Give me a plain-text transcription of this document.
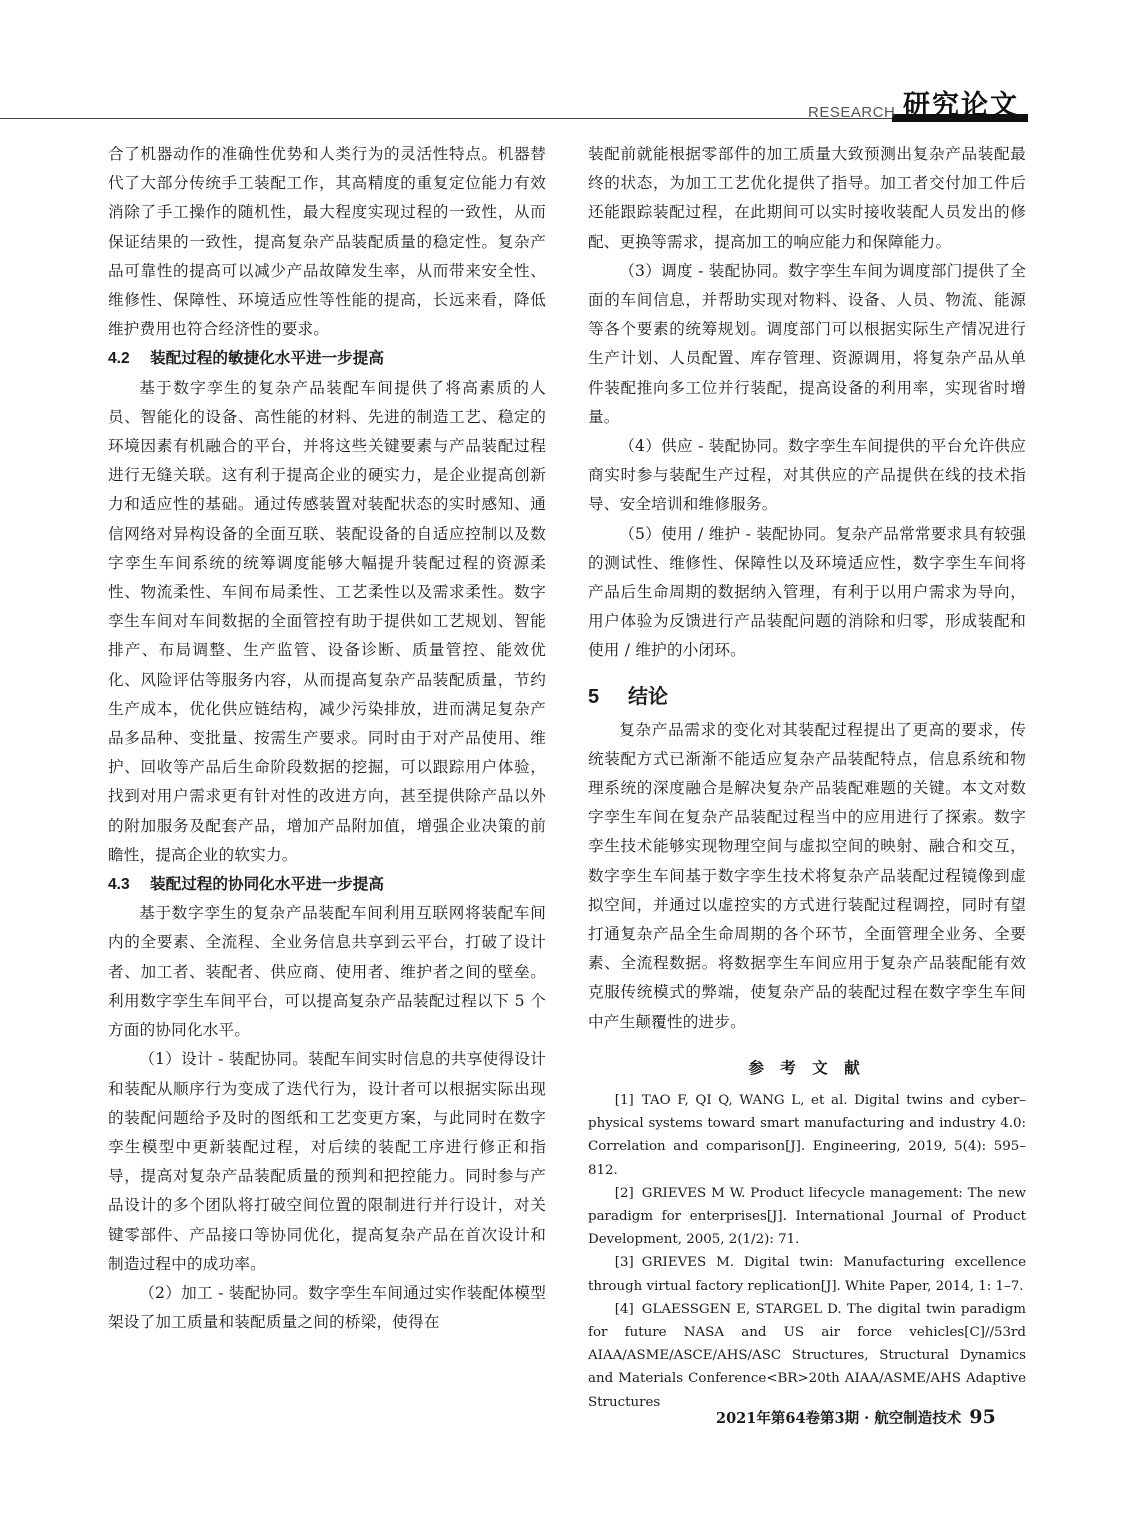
RESEARCH 研究论文

合了机器动作的准确性优势和人类行为的灵活性特点。机器替代了大部分传统手工装配工作，其高精度的重复定位能力有效消除了手工操作的随机性，最大程度实现过程的一致性，从而保证结果的一致性，提高复杂产品装配质量的稳定性。复杂产品可靠性的提高可以减少产品故障发生率，从而带来安全性、维修性、保障性、环境适应性等性能的提高，长远来看，降低维护费用也符合经济性的要求。

4.2 装配过程的敏捷化水平进一步提高

基于数字孪生的复杂产品装配车间提供了将高素质的人员、智能化的设备、高性能的材料、先进的制造工艺、稳定的环境因素有机融合的平台，并将这些关键要素与产品装配过程进行无缝关联。这有利于提高企业的硬实力，是企业提高创新力和适应性的基础。通过传感装置对装配状态的实时感知、通信网络对异构设备的全面互联、装配设备的自适应控制以及数字孪生车间系统的统筹调度能够大幅提升装配过程的资源柔性、物流柔性、车间布局柔性、工艺柔性以及需求柔性。数字孪生车间对车间数据的全面管控有助于提供如工艺规划、智能排产、布局调整、生产监管、设备诊断、质量管控、能效优化、风险评估等服务内容，从而提高复杂产品装配质量，节约生产成本，优化供应链结构，减少污染排放，进而满足复杂产品多品种、变批量、按需生产要求。同时由于对产品使用、维护、回收等产品后生命阶段数据的挖掘，可以跟踪用户体验，找到对用户需求更有针对性的改进方向，甚至提供除产品以外的附加服务及配套产品，增加产品附加值，增强企业决策的前瞻性，提高企业的软实力。

4.3 装配过程的协同化水平进一步提高

基于数字孪生的复杂产品装配车间利用互联网将装配车间内的全要素、全流程、全业务信息共享到云平台，打破了设计者、加工者、装配者、供应商、使用者、维护者之间的壁垒。利用数字孪生车间平台，可以提高复杂产品装配过程以下 5 个方面的协同化水平。

（1）设计 - 装配协同。装配车间实时信息的共享使得设计和装配从顺序行为变成了迭代行为，设计者可以根据实际出现的装配问题给予及时的图纸和工艺变更方案，与此同时在数字孪生模型中更新装配过程，对后续的装配工序进行修正和指导，提高对复杂产品装配质量的预判和把控能力。同时参与产品设计的多个团队将打破空间位置的限制进行并行设计，对关键零部件、产品接口等协同优化，提高复杂产品在首次设计和制造过程中的成功率。

（2）加工 - 装配协同。数字孪生车间通过实作装配体模型架设了加工质量和装配质量之间的桥梁，使得在

装配前就能根据零部件的加工质量大致预测出复杂产品装配最终的状态，为加工工艺优化提供了指导。加工者交付加工件后还能跟踪装配过程，在此期间可以实时接收装配人员发出的修配、更换等需求，提高加工的响应能力和保障能力。

（3）调度 - 装配协同。数字孪生车间为调度部门提供了全面的车间信息，并帮助实现对物料、设备、人员、物流、能源等各个要素的统筹规划。调度部门可以根据实际生产情况进行生产计划、人员配置、库存管理、资源调用，将复杂产品从单件装配推向多工位并行装配，提高设备的利用率，实现省时增量。

（4）供应 - 装配协同。数字孪生车间提供的平台允许供应商实时参与装配生产过程，对其供应的产品提供在线的技术指导、安全培训和维修服务。

（5）使用 / 维护 - 装配协同。复杂产品常常要求具有较强的测试性、维修性、保障性以及环境适应性，数字孪生车间将产品后生命周期的数据纳入管理，有利于以用户需求为导向，用户体验为反馈进行产品装配问题的消除和归零，形成装配和使用 / 维护的小闭环。

5 结论

复杂产品需求的变化对其装配过程提出了更高的要求，传统装配方式已渐渐不能适应复杂产品装配特点，信息系统和物理系统的深度融合是解决复杂产品装配难题的关键。本文对数字孪生车间在复杂产品装配过程当中的应用进行了探索。数字孪生技术能够实现物理空间与虚拟空间的映射、融合和交互，数字孪生车间基于数字孪生技术将复杂产品装配过程镜像到虚拟空间，并通过以虚控实的方式进行装配过程调控，同时有望打通复杂产品全生命周期的各个环节，全面管理全业务、全要素、全流程数据。将数据孪生车间应用于复杂产品装配能有效克服传统模式的弊端，使复杂产品的装配过程在数字孪生车间中产生颠覆性的进步。

参 考 文 献

[1] TAO F, QI Q, WANG L, et al. Digital twins and cyber–physical systems toward smart manufacturing and industry 4.0: Correlation and comparison[J]. Engineering, 2019, 5(4): 595–812.

[2] GRIEVES M W. Product lifecycle management: The new paradigm for enterprises[J]. International Journal of Product Development, 2005, 2(1/2): 71.

[3] GRIEVES M. Digital twin: Manufacturing excellence through virtual factory replication[J]. White Paper, 2014, 1: 1–7.

[4] GLAESSGEN E, STARGEL D. The digital twin paradigm for future NASA and US air force vehicles[C]//53rd AIAA/ASME/ASCE/AHS/ASC Structures, Structural Dynamics and Materials Conference<BR>20th AIAA/ASME/AHS Adaptive Structures

2021年第64卷第3期 · 航空制造技术 95
